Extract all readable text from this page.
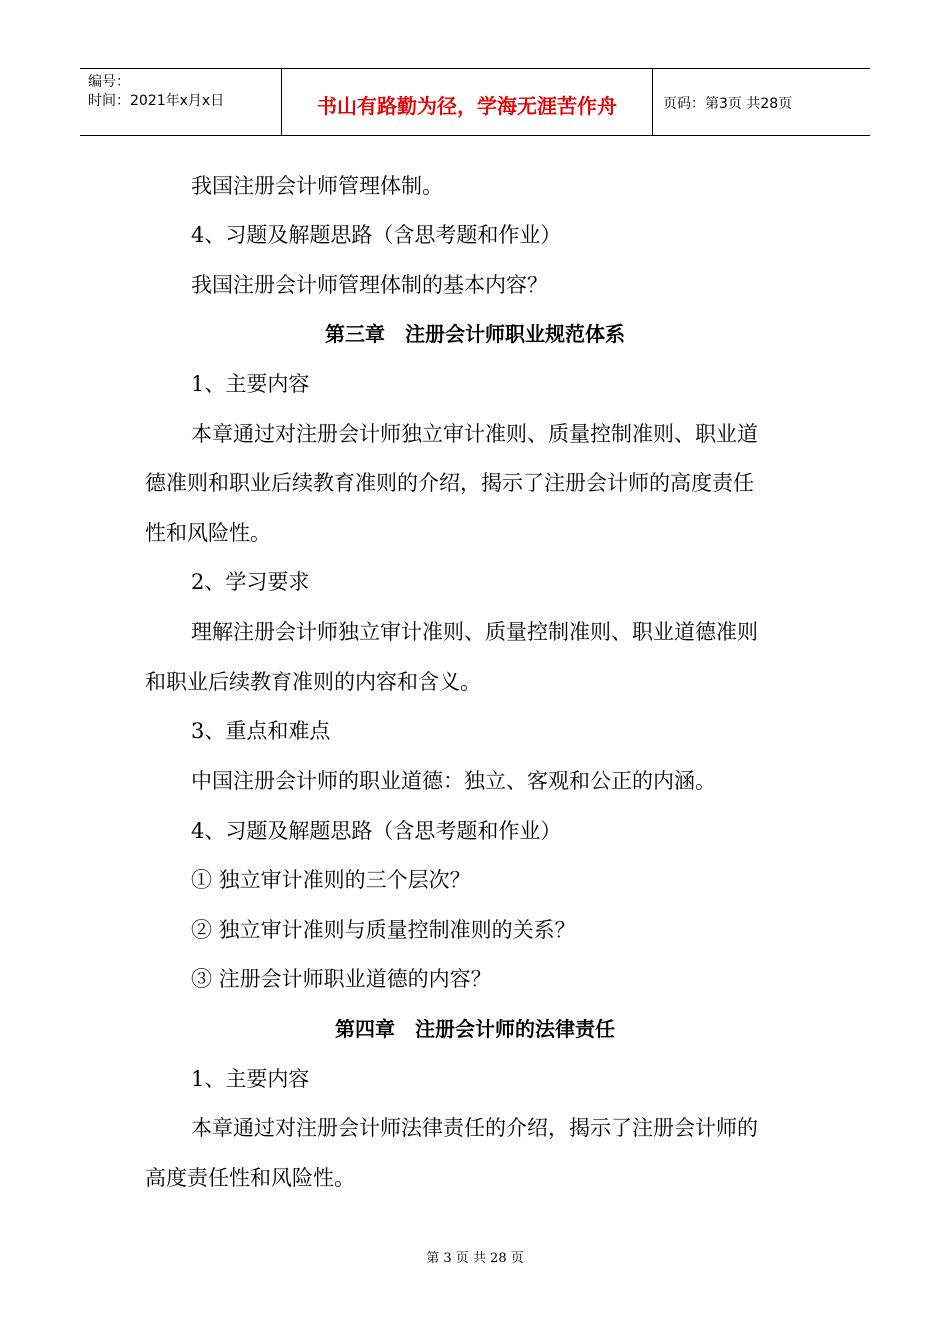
编号：
时间：2021年x月x日	书山有路勤为径，学海无涯苦作舟	页码：第3页 共28页
我国注册会计师管理体制。
4、习题及解题思路（含思考题和作业）
我国注册会计师管理体制的基本内容？
第三章　注册会计师职业规范体系
1、主要内容
本章通过对注册会计师独立审计准则、质量控制准则、职业道
德准则和职业后续教育准则的介绍，揭示了注册会计师的高度责任
性和风险性。
2、学习要求
理解注册会计师独立审计准则、质量控制准则、职业道德准则
和职业后续教育准则的内容和含义。
3、重点和难点
中国注册会计师的职业道德：独立、客观和公正的内涵。
4、习题及解题思路（含思考题和作业）
① 独立审计准则的三个层次？
② 独立审计准则与质量控制准则的关系？
③ 注册会计师职业道德的内容？
第四章　注册会计师的法律责任
1、主要内容
本章通过对注册会计师法律责任的介绍，揭示了注册会计师的
高度责任性和风险性。
第 3 页 共 28 页
